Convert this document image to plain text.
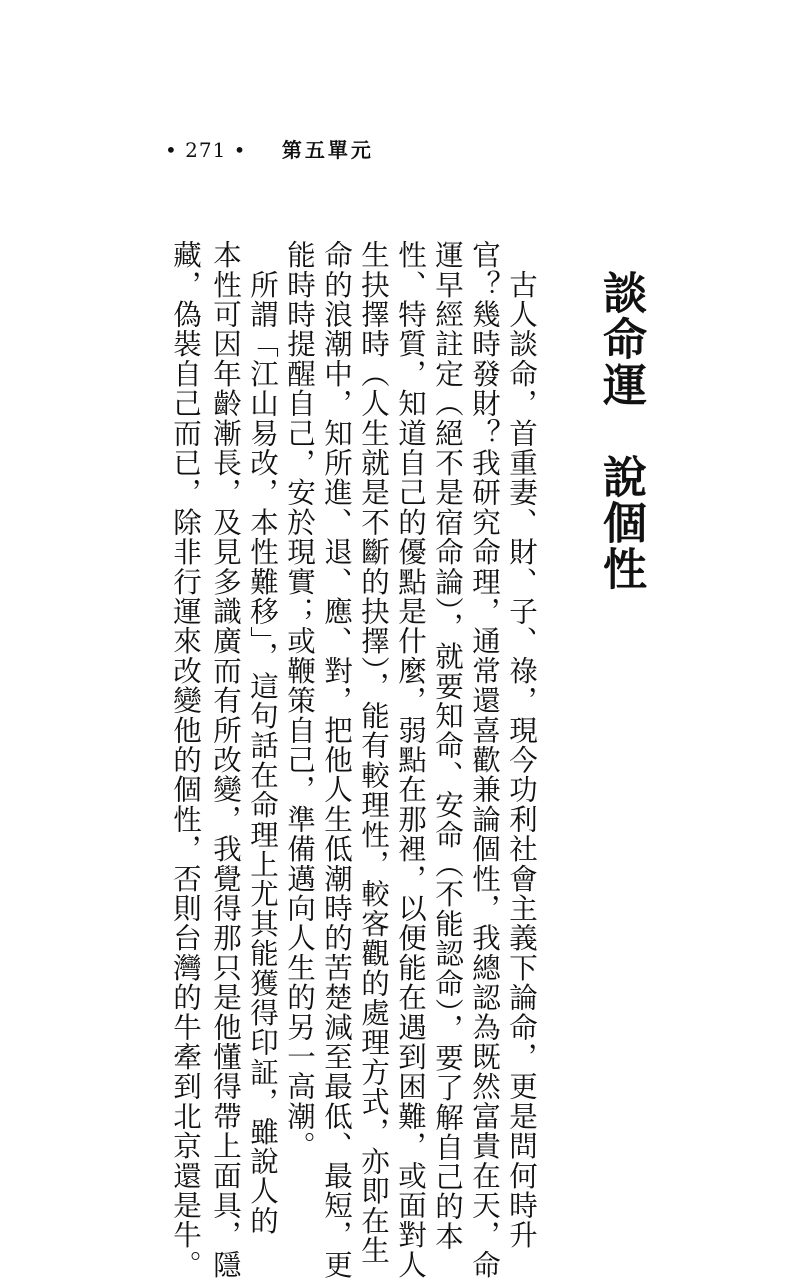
• 271 • 第五單元
談命運　說個性
　古人談命，首重妻、財、子、祿，現今功利社會主義下論命，更是問何時升
官？幾時發財？我研究命理，通常還喜歡兼論個性，我總認為既然富貴在天，命
運早經註定（絕不是宿命論），就要知命、安命（不能認命），要了解自己的本
性、特質，知道自己的優點是什麼，弱點在那裡，以便能在遇到困難，或面對人
生抉擇時（人生就是不斷的抉擇），能有較理性，較客觀的處理方式，亦即在生
命的浪潮中，知所進、退、應、對，把他人生低潮時的苦楚減至最低、最短，更
能時時提醒自己，安於現實；或鞭策自己，準備邁向人生的另一高潮。
　所謂「江山易改，本性難移」，這句話在命理上尤其能獲得印証，雖說人的
本性可因年齡漸長，及見多識廣而有所改變，我覺得那只是他懂得帶上面具，隱
藏，偽裝自己而已，除非行運來改變他的個性，否則台灣的牛牽到北京還是牛。
